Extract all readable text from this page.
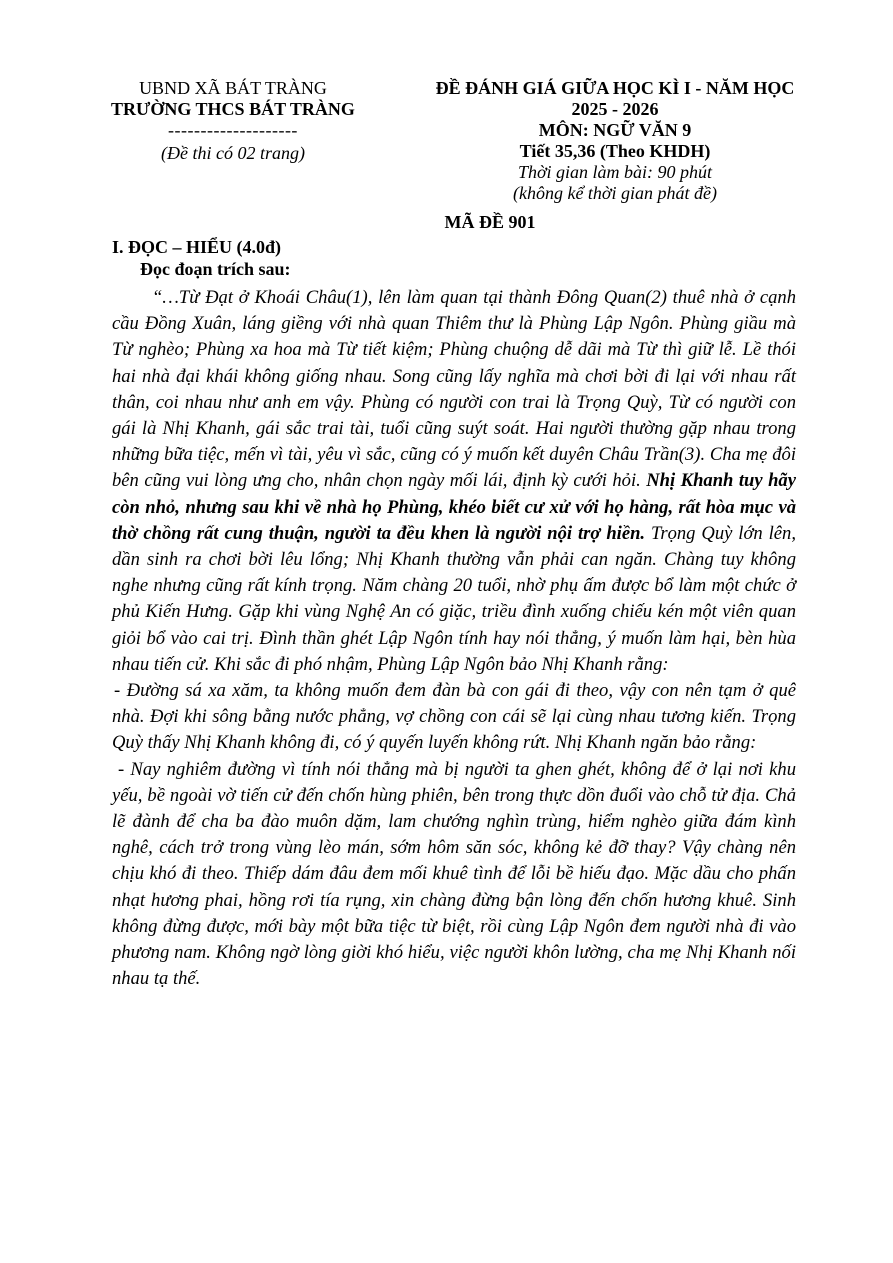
UBND XÃ BÁT TRÀNG
TRƯỜNG THCS BÁT TRÀNG
--------------------
(Đề thi có 02 trang)
ĐỀ ĐÁNH GIÁ GIỮA HỌC KÌ I - NĂM HỌC
2025 - 2026
MÔN: NGỮ VĂN 9
Tiết 35,36 (Theo KHDH)
Thời gian làm bài: 90 phút
(không kể thời gian phát đề)
MÃ ĐỀ 901
I. ĐỌC – HIỂU (4.0đ)
Đọc đoạn trích sau:

“…Từ Đạt ở Khoái Châu(1), lên làm quan tại thành Đông Quan(2) thuê nhà ở cạnh cầu Đồng Xuân, láng giềng với nhà quan Thiêm thư là Phùng Lập Ngôn. Phùng giầu mà Từ nghèo; Phùng xa hoa mà Từ tiết kiệm; Phùng chuộng dễ dãi mà Từ thì giữ lễ. Lề thói hai nhà đại khái không giống nhau. Song cũng lấy nghĩa mà chơi bời đi lại với nhau rất thân, coi nhau như anh em vậy. Phùng có người con trai là Trọng Quỳ, Từ có người con gái là Nhị Khanh, gái sắc trai tài, tuổi cũng suýt soát. Hai người thường gặp nhau trong những bữa tiệc, mến vì tài, yêu vì sắc, cũng có ý muốn kết duyên Châu Trần(3). Cha mẹ đôi bên cũng vui lòng ưng cho, nhân chọn ngày mối lái, định kỳ cưới hỏi. Nhị Khanh tuy hãy còn nhỏ, nhưng sau khi về nhà họ Phùng, khéo biết cư xử với họ hàng, rất hòa mục và thờ chồng rất cung thuận, người ta đều khen là người nội trợ hiền. Trọng Quỳ lớn lên, dần sinh ra chơi bời lêu lổng; Nhị Khanh thường vẫn phải can ngăn. Chàng tuy không nghe nhưng cũng rất kính trọng. Năm chàng 20 tuổi, nhờ phụ ấm được bổ làm một chức ở phủ Kiến Hưng. Gặp khi vùng Nghệ An có giặc, triều đình xuống chiếu kén một viên quan giỏi bổ vào cai trị. Đình thần ghét Lập Ngôn tính hay nói thẳng, ý muốn làm hại, bèn hùa nhau tiến cử. Khi sắc đi phó nhậm, Phùng Lập Ngôn bảo Nhị Khanh rằng:

- Đường sá xa xăm, ta không muốn đem đàn bà con gái đi theo, vậy con nên tạm ở quê nhà. Đợi khi sông bằng nước phẳng, vợ chồng con cái sẽ lại cùng nhau tương kiến. Trọng Quỳ thấy Nhị Khanh không đi, có ý quyến luyến không rứt. Nhị Khanh ngăn bảo rằng:

- Nay nghiêm đường vì tính nói thẳng mà bị người ta ghen ghét, không để ở lại nơi khu yếu, bề ngoài vờ tiến cử đến chốn hùng phiên, bên trong thực dồn đuổi vào chỗ tử địa. Chả lẽ đành để cha ba đào muôn dặm, lam chướng nghìn trùng, hiểm nghèo giữa đám kình nghê, cách trở trong vùng lèo mán, sớm hôm săn sóc, không kẻ đỡ thay? Vậy chàng nên chịu khó đi theo. Thiếp dám đâu đem mối khuê tình để lỗi bề hiếu đạo. Mặc dầu cho phấn nhạt hương phai, hồng rơi tía rụng, xin chàng đừng bận lòng đến chốn hương khuê. Sinh không đừng được, mới bày một bữa tiệc từ biệt, rồi cùng Lập Ngôn đem người nhà đi vào phương nam. Không ngờ lòng giời khó hiểu, việc người khôn lường, cha mẹ Nhị Khanh nối nhau tạ thế.
